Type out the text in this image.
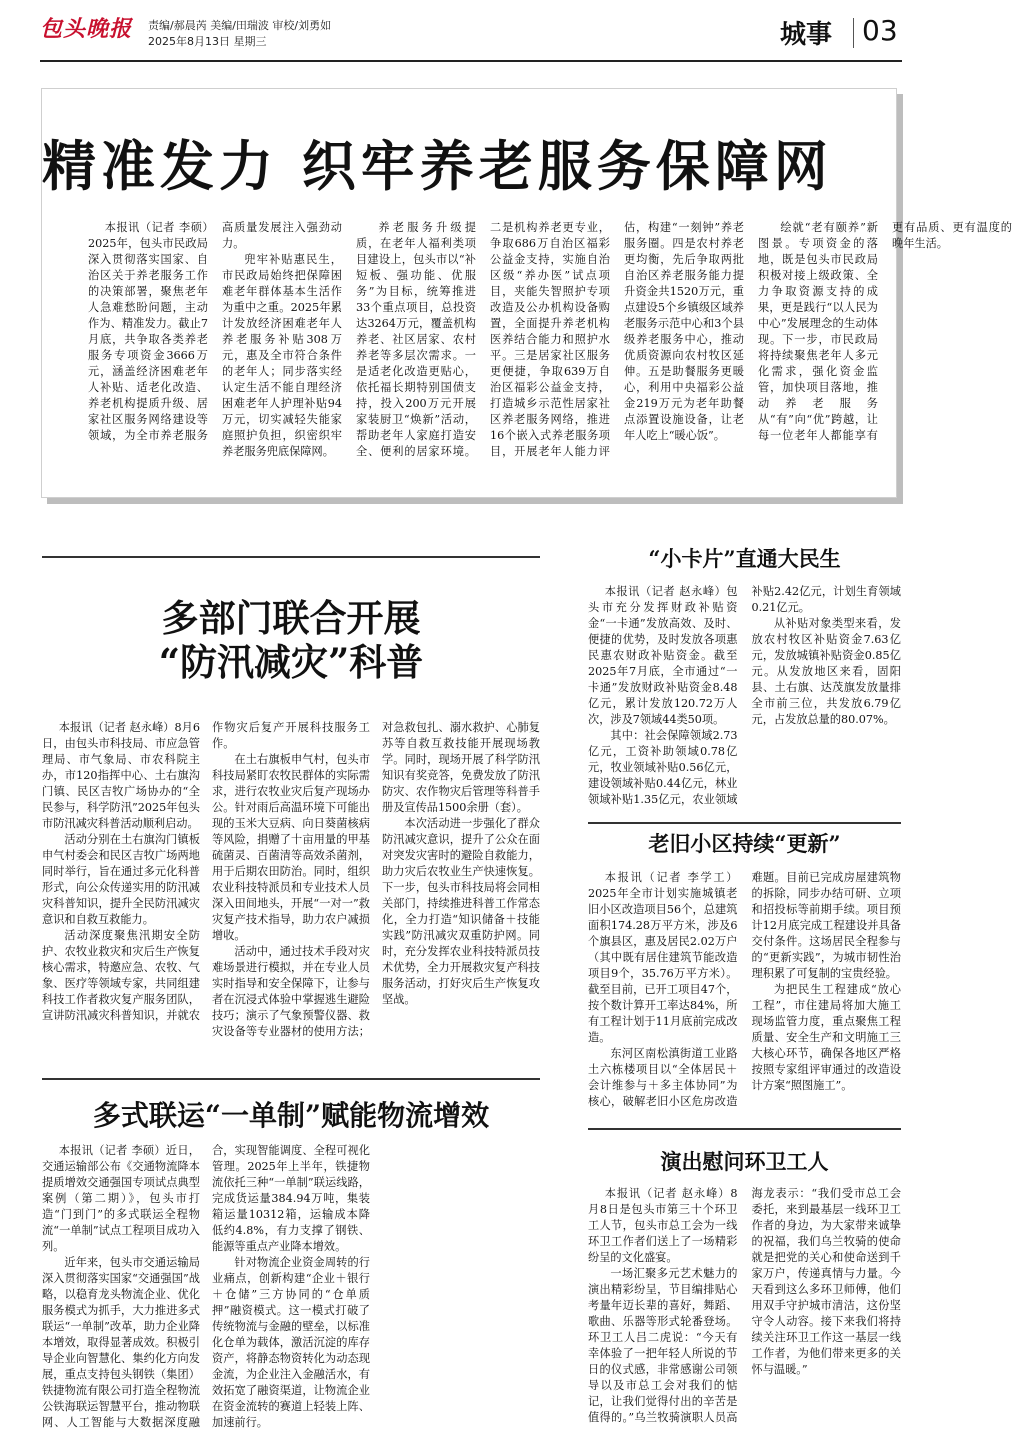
包头晚报 责编/郝晨芮 美编/田瑞波 审校/刘勇如
2025年8月13日 星期三	城事 03
精准发力 织牢养老服务保障网

本报讯（记者 李硕）2025年，包头市民政局深入贯彻落实国家、自治区关于养老服务工作的决策部署，聚焦老年人急难愁盼问题，主动作为、精准发力。截止7月底，共争取各类养老服务专项资金3666万元，涵盖经济困难老年人补贴、适老化改造、养老机构提质升级、居家社区服务网络建设等领域，为全市养老服务高质量发展注入强劲动力。

兜牢补贴惠民生，市民政局始终把保障困难老年群体基本生活作为重中之重。2025年累计发放经济困难老年人养老服务补贴308万元，惠及全市符合条件的老年人；同步落实经认定生活不能自理经济困难老年人护理补贴94万元，切实减轻失能家庭照护负担，织密织牢养老服务兜底保障网。

养老服务升级提质，在老年人福利类项目建设上，包头市以“补短板、强功能、优服务”为目标，统筹推进33个重点项目，总投资达3264万元，覆盖机构养老、社区居家、农村养老等多层次需求。一是适老化改造更贴心，依托福长期特别国债支持，投入200万元开展家装厨卫“焕新”活动，帮助老年人家庭打造安全、便利的居家环境。二是机构养老更专业，争取686万自治区福彩公益金支持，实施自治区级“养办医”试点项目，夹能失智照护专项改造及公办机构设备购置，全面提升养老机构医养结合能力和照护水平。三是居家社区服务更便捷，争取639万自治区福彩公益金支持，打造城乡示范性居家社区养老服务网络，推进16个嵌入式养老服务项目，开展老年人能力评估，构建“一刻钟”养老服务圈。四是农村养老更均衡，先后争取两批自治区养老服务能力提升资金共1520万元，重点建设5个乡镇级区域养老服务示范中心和3个县级养老服务中心，推动优质资源向农村牧区延伸。五是助餐服务更暖心，利用中央福彩公益金219万元为老年助餐点添置设施设备，让老年人吃上“暖心饭”。

绘就“老有颐养”新图景。专项资金的落地，既是包头市民政局积极对接上级政策、全力争取资源支持的成果，更是践行“以人民为中心”发展理念的生动体现。下一步，市民政局将持续聚焦老年人多元化需求，强化资金监管，加快项目落地，推动养老服务从“有”向“优”跨越，让每一位老年人都能享有更有品质、更有温度的晚年生活。

多部门联合开展
“防汛减灾”科普

本报讯（记者 赵永峰）8月6日，由包头市科技局、市应急管理局、市气象局、市农科院主办，市120指挥中心、土右旗沟门镇、民区吉牧广场协办的“全民参与，科学防汛”2025年包头市防汛减灾科普活动顺利启动。

活动分别在土右旗沟门镇板申气村委会和民区吉牧广场两地同时举行，旨在通过多元化科普形式，向公众传递实用的防汛减灾科普知识，提升全民防汛减灾意识和自救互救能力。

活动深度聚焦汛期安全防护、农牧业救灾和灾后生产恢复核心需求，特邀应急、农牧、气象、医疗等领域专家，共同组建科技工作者救灾复产服务团队，宣讲防汛减灾科普知识，并就农作物灾后复产开展科技服务工作。

在土右旗板申气村，包头市科技局紧盯农牧民群体的实际需求，进行农牧业灾后复产现场办公。针对雨后高温环境下可能出现的玉米大豆病、向日葵菌核病等风险，捐赠了十亩用量的甲基硫菌灵、百菌清等高效杀菌剂，用于后期农田防治。同时，组织农业科技特派员和专业技术人员深入田间地头，开展“一对一”救灾复产技术指导，助力农户减损增收。

活动中，通过技术手段对灾难场景进行模拟，并在专业人员实时指导和安全保障下，让参与者在沉浸式体验中掌握逃生避险技巧；演示了气象预警仪器、救灾设备等专业器材的使用方法；对急救包扎、溺水救护、心肺复苏等自救互救技能开展现场教学。同时，现场开展了科学防汛知识有奖竞答，免费发放了防汛防灾、农作物灾后管理等科普手册及宣传品1500余册（套）。

本次活动进一步强化了群众防汛减灾意识，提升了公众在面对突发灾害时的避险自救能力，助力灾后农牧业生产快速恢复。下一步，包头市科技局将会同相关部门，持续推进科普工作常态化，全力打造“知识储备＋技能实践”防汛减灾双重防护网。同时，充分发挥农业科技特派员技术优势，全力开展救灾复产科技服务活动，打好灾后生产恢复攻坚战。

多式联运“一单制”赋能物流增效

本报讯（记者 李硕）近日，交通运输部公布《交通物流降本提质增效交通强国专项试点典型案例（第二期）》，包头市打造“门到门”的多式联运全程物流“一单制”试点工程项目成功入列。

近年来，包头市交通运输局深入贯彻落实国家“交通强国”战略，以稳育龙头物流企业、优化服务模式为抓手，大力推进多式联运“一单制”改革，助力企业降本增效，取得显著成效。积极引导企业向智慧化、集约化方向发展，重点支持包头钢铁（集团）铁捷物流有限公司打造全程物流公铁海联运智慧平台，推动物联网、人工智能与大数据深度融合，实现智能调度、全程可视化管理。2025年上半年，铁捷物流依托三种“一单制”联运线路，完成货运量384.94万吨，集装箱运量10312箱，运输成本降低约4.8%，有力支撑了钢铁、能源等重点产业降本增效。

针对物流企业资金周转的行业痛点，创新构建“企业＋银行＋仓储”三方协同的“仓单质押”融资模式。这一模式打破了传统物流与金融的壁垒，以标准化仓单为载体，激活沉淀的库存资产，将静态物资转化为动态现金流，为企业注入金融活水，有效拓宽了融资渠道，让物流企业在资金流转的赛道上轻装上阵、加速前行。

“小卡片”直通大民生

本报讯（记者 赵永峰）包头市充分发挥财政补贴资金“一卡通”发放高效、及时、便捷的优势，及时发放各项惠民惠农财政补贴资金。截至2025年7月底，全市通过“一卡通”发放财政补贴资金8.48亿元，累计发放120.72万人次，涉及7领域44类50项。

其中：社会保障领域2.73亿元，工资补助领域0.78亿元，牧业领域补贴0.56亿元，建设领域补贴0.44亿元，林业领域补贴1.35亿元，农业领域补贴2.42亿元，计划生育领域0.21亿元。

从补贴对象类型来看，发放农村牧区补贴资金7.63亿元，发放城镇补贴资金0.85亿元。从发放地区来看，固阳县、土右旗、达茂旗发放量排全市前三位，共发放6.79亿元，占发放总量的80.07%。

老旧小区持续“更新”

本报讯（记者 李学工）2025年全市计划实施城镇老旧小区改造项目56个，总建筑面积174.28万平方米，涉及6个旗县区，惠及居民2.02万户（其中既有居住建筑节能改造项目9个，35.76万平方米）。截至目前，已开工项目47个，按个数计算开工率达84%，所有工程计划于11月底前完成改造。

东河区南松滇街道工业路土六栋楼项目以“全体居民＋会计维参与＋多主体协同”为核心，破解老旧小区危房改造难题。目前已完成房屋建筑物的拆除，同步办结可研、立项和招投标等前期手续。项目预计12月底完成工程建设并具备交付条件。这场居民全程参与的“更新实践”，为城市韧性治理积累了可复制的宝贵经验。

为把民生工程建成“放心工程”，市住建局将加大施工现场监管力度，重点聚焦工程质量、安全生产和文明施工三大核心环节，确保各地区严格按照专家组评审通过的改造设计方案“照图施工”。

演出慰问环卫工人

本报讯（记者 赵永峰）8月8日是包头市第三十个环卫工人节，包头市总工会为一线环卫工作者们送上了一场精彩纷呈的文化盛宴。

一场汇聚多元艺术魅力的演出精彩纷呈，节目编排贴心考量年迈长辈的喜好，舞蹈、歌曲、乐器等形式轮番登场。环卫工人吕二虎说：“今天有幸体验了一把年轻人所说的节日的仪式感，非常感谢公司领导以及市总工会对我们的惦记，让我们觉得付出的辛苦是值得的。”乌兰牧骑演职人员高海龙表示：“我们受市总工会委托，来到最基层一线环卫工作者的身边，为大家带来诚挚的祝福，我们乌兰牧骑的使命就是把党的关心和使命送到千家万户，传递真情与力量。今天看到这么多环卫师傅，他们用双手守护城市清洁，这份坚守令人动容。接下来我们将持续关注环卫工作这一基层一线工作者，为他们带来更多的关怀与温暖。”
